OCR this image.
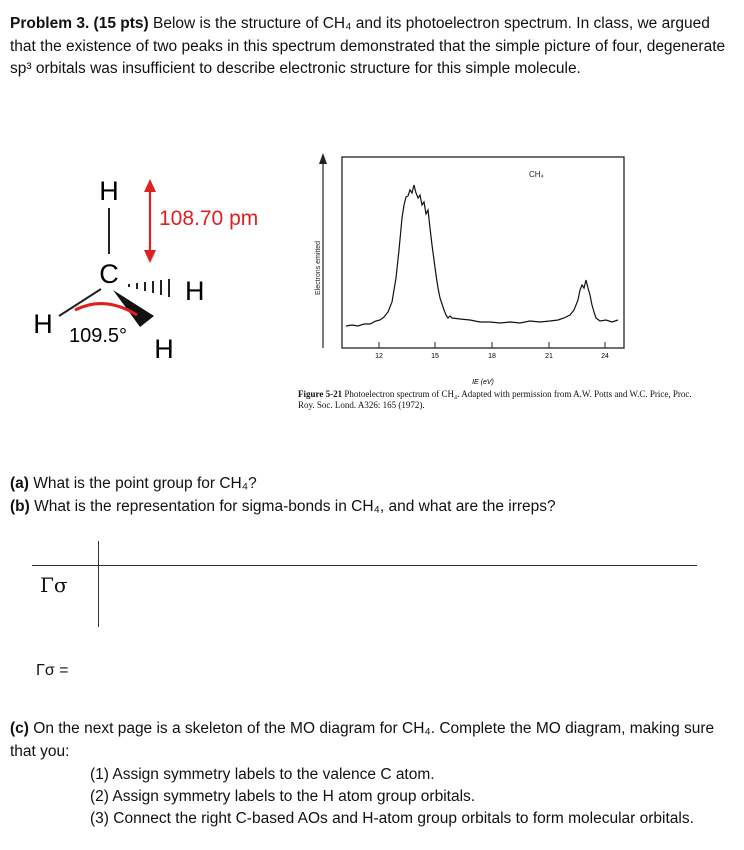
Problem 3. (15 pts) Below is the structure of CH₄ and its photoelectron spectrum. In class, we argued that the existence of two peaks in this spectrum demonstrated that the simple picture of four, degenerate sp³ orbitals was insufficient to describe electronic structure for this simple molecule.
H
108.70 pm
C
H
H
H
109.5°
Electrons emitted
CH₄
12	15	18	21	24
IE (eV)
Figure 5-21 Photoelectron spectrum of CH₄. Adapted with permission from A.W. Potts and W.C. Price, Proc. Roy. Soc. Lond. A326: 165 (1972).
(a) What is the point group for CH₄?
(b) What is the representation for sigma-bonds in CH₄, and what are the irreps?
Γσ
Γσ =
(c) On the next page is a skeleton of the MO diagram for CH₄. Complete the MO diagram, making sure that you:
(1) Assign symmetry labels to the valence C atom.
(2) Assign symmetry labels to the H atom group orbitals.
(3) Connect the right C-based AOs and H-atom group orbitals to form molecular orbitals.
